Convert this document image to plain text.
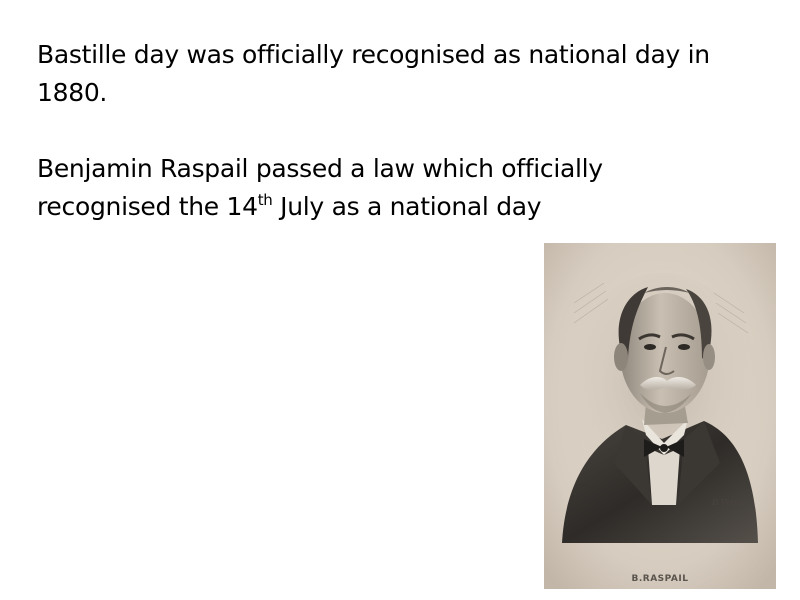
Bastille day was officially recognised as national day in 1880.

Benjamin Raspail passed a law which officially recognised the 14th July as a national day

D.Vernier
B.RASPAIL
